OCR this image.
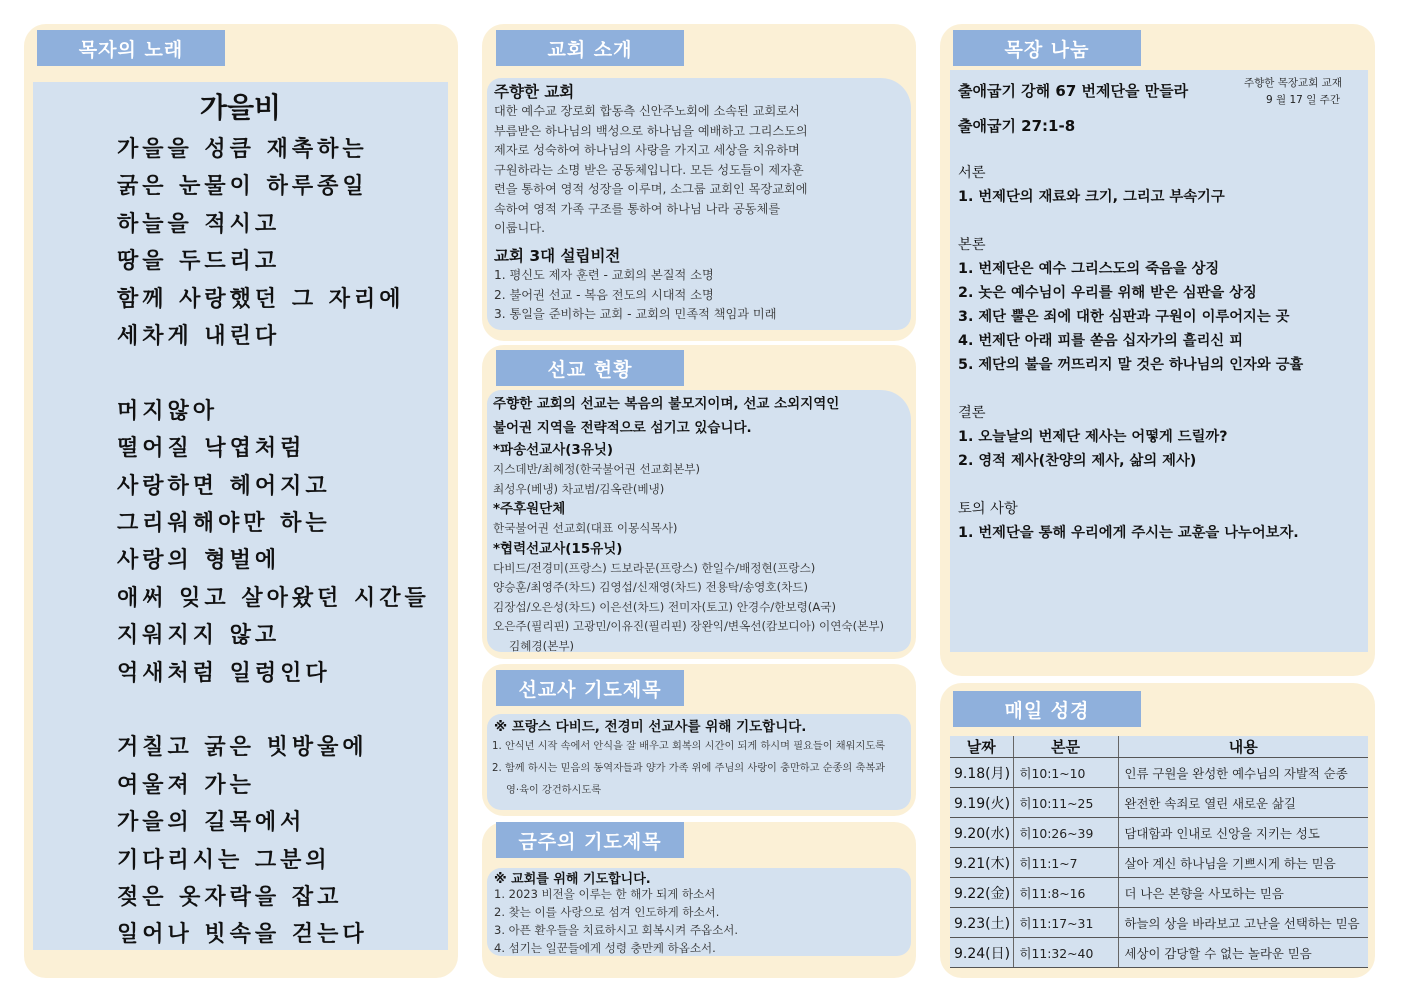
목자의 노래
가을비
가을을 성큼 재촉하는
굵은 눈물이 하루종일
하늘을 적시고
땅을 두드리고
함께 사랑했던 그 자리에
세차게 내린다
머지않아
떨어질 낙엽처럼
사랑하면 헤어지고
그리워해야만 하는
사랑의 형벌에
애써 잊고 살아왔던 시간들
지워지지 않고
억새처럼 일렁인다
거칠고 굵은 빗방울에
여울져 가는
가을의 길목에서
기다리시는 그분의
젖은 옷자락을 잡고
일어나 빗속을 걷는다
교회 소개
주향한 교회
대한 예수교 장로회 합동측 신안주노회에 소속된 교회로서
부름받은 하나님의 백성으로 하나님을 예배하고 그리스도의
제자로 성숙하여 하나님의 사랑을 가지고 세상을 치유하며
구원하라는 소명 받은 공동체입니다. 모든 성도들이 제자훈
련을 통하여 영적 성장을 이루며, 소그룹 교회인 목장교회에
속하여 영적 가족 구조를 통하여 하나님 나라 공동체를
이룹니다.
교회 3대 설립비전
1. 평신도 제자 훈련 - 교회의 본질적 소명
2. 불어권 선교 - 복음 전도의 시대적 소명
3. 통일을 준비하는 교회 - 교회의 민족적 책임과 미래
선교 현황
주향한 교회의 선교는 복음의 불모지이며, 선교 소외지역인
불어권 지역을 전략적으로 섬기고 있습니다.
*파송선교사(3유닛)
지스데반/최혜정(한국불어권 선교회본부)
최성우(베냉) 차교범/김옥란(베냉)
*주후원단체
한국불어권 선교회(대표 이몽식목사)
*협력선교사(15유닛)
다비드/전경미(프랑스) 드보라문(프랑스) 한일수/배정현(프랑스)
양승훈/최영주(차드) 김영섭/신재영(차드) 전용탁/송영호(차드)
김장섭/오은성(차드) 이은선(차드) 전미자(토고) 안경수/한보령(A국)
오은주(필리핀) 고광민/이유진(필리핀) 장완익/변옥선(캄보디아) 이연숙(본부)
김혜경(본부)
선교사 기도제목
※ 프랑스 다비드, 전경미 선교사를 위해 기도합니다.
1. 안식년 시작 속에서 안식을 잘 배우고 회복의 시간이 되게 하시며 필요들이 채워지도록
2. 함께 하시는 믿음의 동역자들과 양가 가족 위에 주님의 사랑이 충만하고 순종의 축복과
영·육이 강건하시도록
금주의 기도제목
※ 교회를 위해 기도합니다.
1. 2023 비전을 이루는 한 해가 되게 하소서
2. 찾는 이를 사랑으로 섬겨 인도하게 하소서.
3. 아픈 환우들을 치료하시고 회복시켜 주옵소서.
4. 섬기는 일꾼들에게 성령 충만케 하옵소서.
목장 나눔
출애굽기 강해 67 번제단을 만들라	주향한 목장교회 교재
9 월 17 일 주간
출애굽기 27:1-8
서론
1. 번제단의 재료와 크기, 그리고 부속기구
본론
1. 번제단은 예수 그리스도의 죽음을 상징
2. 놋은 예수님이 우리를 위해 받은 심판을 상징
3. 제단 뿔은 죄에 대한 심판과 구원이 이루어지는 곳
4. 번제단 아래 피를 쏟음 십자가의 흘리신 피
5. 제단의 불을 꺼뜨리지 말 것은 하나님의 인자와 긍휼
결론
1. 오늘날의 번제단 제사는 어떻게 드릴까?
2. 영적 제사(찬양의 제사, 삶의 제사)
토의 사항
1. 번제단을 통해 우리에게 주시는 교훈을 나누어보자.
매일 성경
날짜	본문	내용
9.18(月)	히10:1~10	인류 구원을 완성한 예수님의 자발적 순종
9.19(火)	히10:11~25	완전한 속죄로 열린 새로운 삶길
9.20(水)	히10:26~39	담대함과 인내로 신앙을 지키는 성도
9.21(木)	히11:1~7	살아 계신 하나님을 기쁘시게 하는 믿음
9.22(金)	히11:8~16	더 나은 본향을 사모하는 믿음
9.23(土)	히11:17~31	하늘의 상을 바라보고 고난을 선택하는 믿음
9.24(日)	히11:32~40	세상이 감당할 수 없는 놀라운 믿음
